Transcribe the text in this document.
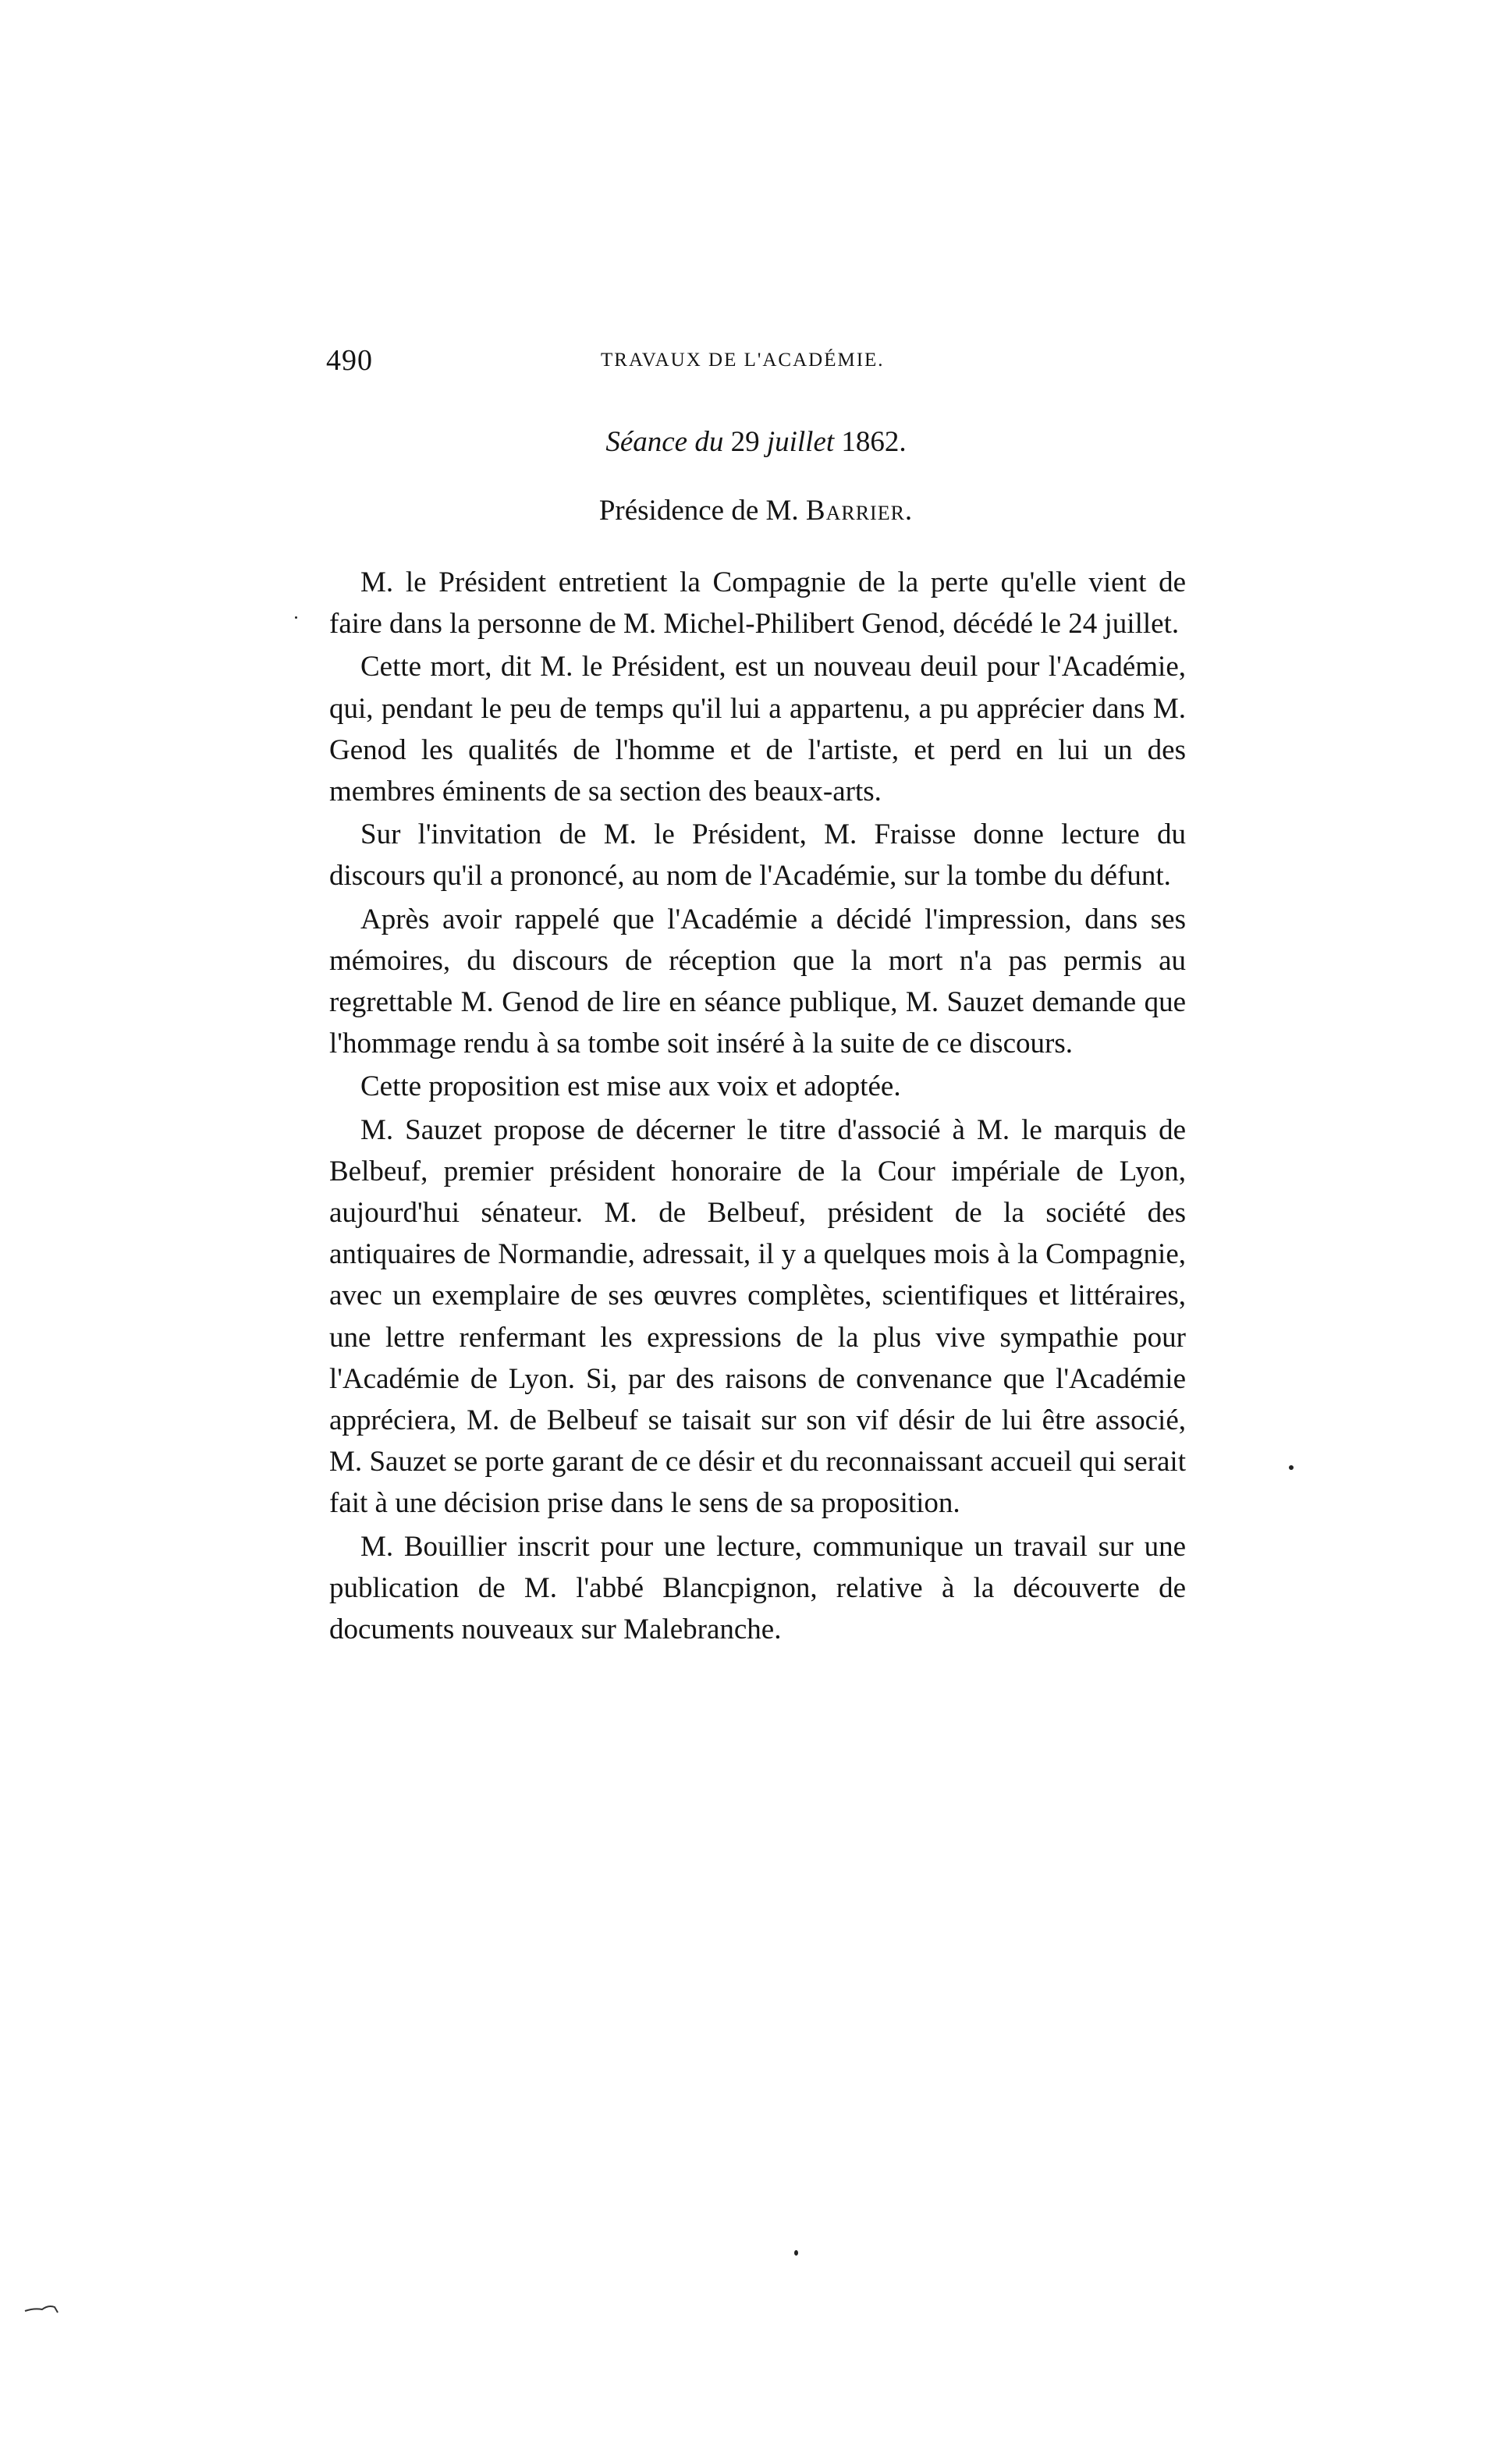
490	TRAVAUX DE L'ACADÉMIE.
Séance du 29 juillet 1862.
Présidence de M. Barrier.

M. le Président entretient la Compagnie de la perte qu'elle vient de faire dans la personne de M. Michel-Philibert Genod, décédé le 24 juillet.

Cette mort, dit M. le Président, est un nouveau deuil pour l'Académie, qui, pendant le peu de temps qu'il lui a appartenu, a pu apprécier dans M. Genod les qualités de l'homme et de l'artiste, et perd en lui un des membres éminents de sa section des beaux-arts.

Sur l'invitation de M. le Président, M. Fraisse donne lecture du discours qu'il a prononcé, au nom de l'Académie, sur la tombe du défunt.

Après avoir rappelé que l'Académie a décidé l'impression, dans ses mémoires, du discours de réception que la mort n'a pas permis au regrettable M. Genod de lire en séance publique, M. Sauzet demande que l'hommage rendu à sa tombe soit inséré à la suite de ce discours.

Cette proposition est mise aux voix et adoptée.

M. Sauzet propose de décerner le titre d'associé à M. le marquis de Belbeuf, premier président honoraire de la Cour impériale de Lyon, aujourd'hui sénateur. M. de Belbeuf, président de la société des antiquaires de Normandie, adressait, il y a quelques mois à la Compagnie, avec un exemplaire de ses œuvres complètes, scientifiques et littéraires, une lettre renfermant les expressions de la plus vive sympathie pour l'Académie de Lyon. Si, par des raisons de convenance que l'Académie appréciera, M. de Belbeuf se taisait sur son vif désir de lui être associé, M. Sauzet se porte garant de ce désir et du reconnaissant accueil qui serait fait à une décision prise dans le sens de sa proposition.

M. Bouillier inscrit pour une lecture, communique un travail sur une publication de M. l'abbé Blancpignon, relative à la découverte de documents nouveaux sur Malebranche.
